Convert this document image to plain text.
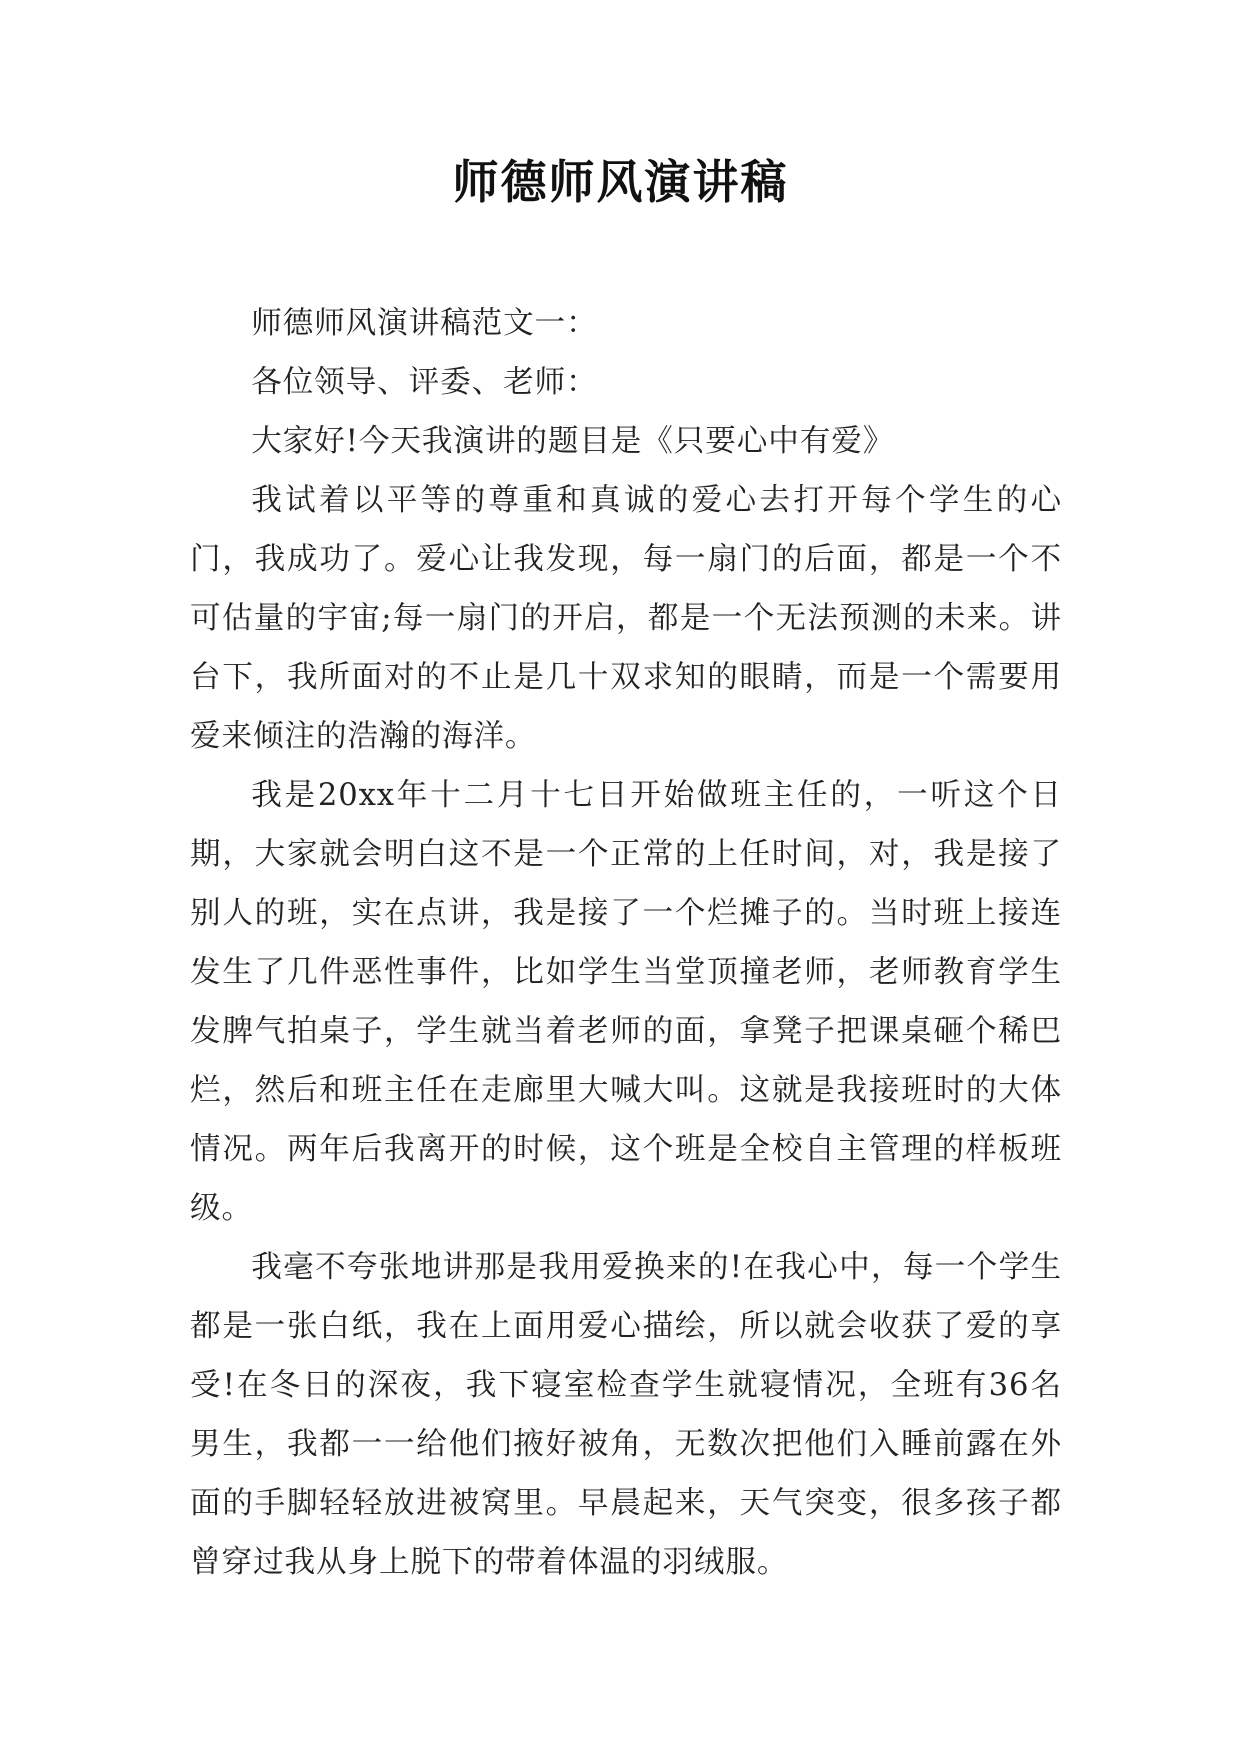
师德师风演讲稿

师德师风演讲稿范文一：

各位领导、评委、老师：

大家好!今天我演讲的题目是《只要心中有爱》

我试着以平等的尊重和真诚的爱心去打开每个学生的心门，我成功了。爱心让我发现，每一扇门的后面，都是一个不可估量的宇宙;每一扇门的开启，都是一个无法预测的未来。讲台下，我所面对的不止是几十双求知的眼睛，而是一个需要用爱来倾注的浩瀚的海洋。

我是20xx年十二月十七日开始做班主任的，一听这个日期，大家就会明白这不是一个正常的上任时间，对，我是接了别人的班，实在点讲，我是接了一个烂摊子的。当时班上接连发生了几件恶性事件，比如学生当堂顶撞老师，老师教育学生发脾气拍桌子，学生就当着老师的面，拿凳子把课桌砸个稀巴烂，然后和班主任在走廊里大喊大叫。这就是我接班时的大体情况。两年后我离开的时候，这个班是全校自主管理的样板班级。

我毫不夸张地讲那是我用爱换来的!在我心中，每一个学生都是一张白纸，我在上面用爱心描绘，所以就会收获了爱的享受!在冬日的深夜，我下寝室检查学生就寝情况，全班有36名男生，我都一一给他们掖好被角，无数次把他们入睡前露在外面的手脚轻轻放进被窝里。早晨起来，天气突变，很多孩子都曾穿过我从身上脱下的带着体温的羽绒服。
